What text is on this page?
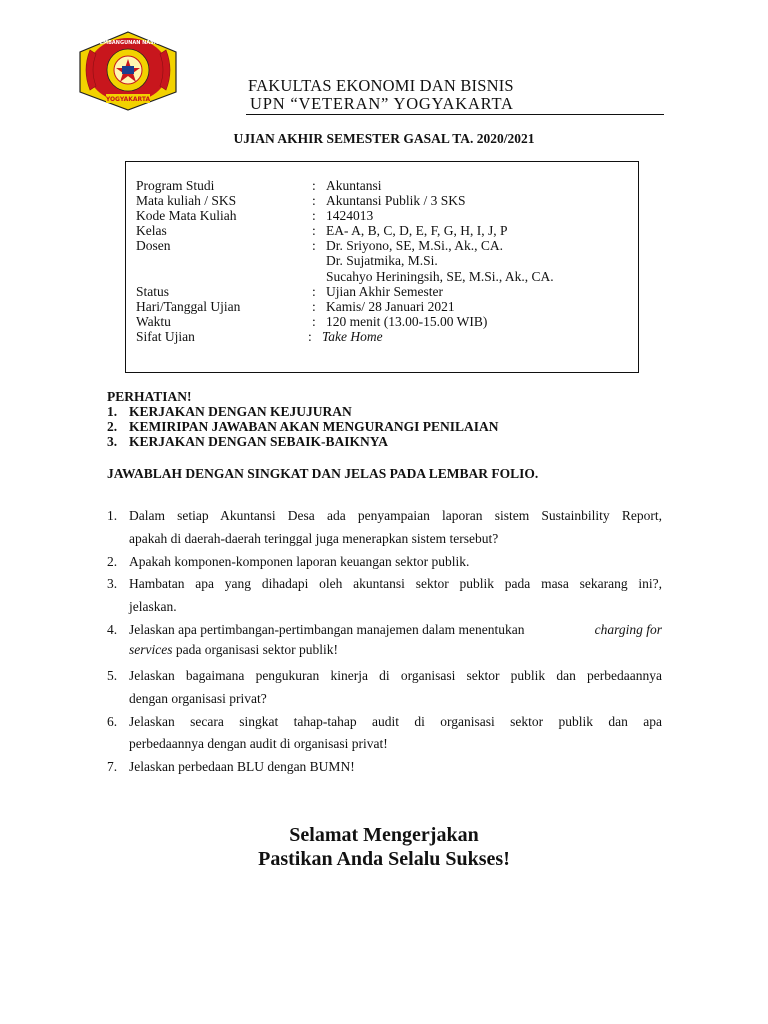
UNIVERSITAS PEMBANGUNAN NASIONAL VETERAN
YOGYAKARTA
FAKULTAS EKONOMI DAN BISNIS
UPN “VETERAN” YOGYAKARTA
UJIAN AKHIR SEMESTER GASAL TA. 2020/2021
Program Studi	: Akuntansi
Mata kuliah / SKS	: Akuntansi Publik / 3 SKS
Kode Mata Kuliah	: 1424013
Kelas	: EA- A, B, C, D, E, F, G, H, I, J, P
Dosen	: Dr. Sriyono, SE, M.Si., Ak., CA.
Dr. Sujatmika, M.Si.
Sucahyo Heriningsih, SE, M.Si., Ak., CA.
Status	: Ujian Akhir Semester
Hari/Tanggal Ujian	: Kamis/ 28 Januari 2021
Waktu	: 120 menit (13.00-15.00 WIB)
Sifat Ujian	: Take Home
PERHATIAN!
1. KERJAKAN DENGAN KEJUJURAN
2. KEMIRIPAN JAWABAN AKAN MENGURANGI PENILAIAN
3. KERJAKAN DENGAN SEBAIK-BAIKNYA
JAWABLAH DENGAN SINGKAT DAN JELAS PADA LEMBAR FOLIO.
1. Dalam setiap Akuntansi Desa ada penyampaian laporan sistem Sustainbility Report,
apakah di daerah-daerah teringgal juga menerapkan sistem tersebut?
2. Apakah komponen-komponen laporan keuangan sektor publik.
3. Hambatan apa yang dihadapi oleh akuntansi sektor publik pada masa sekarang ini?,
jelaskan.
4. Jelaskan apa pertimbangan-pertimbangan manajemen dalam menentukan	charging for
services pada organisasi sektor publik!
5. Jelaskan bagaimana pengukuran kinerja di organisasi sektor publik dan perbedaannya
dengan organisasi privat?
6. Jelaskan secara singkat tahap-tahap audit di organisasi sektor publik dan apa
perbedaannya dengan audit di organisasi privat!
7. Jelaskan perbedaan BLU dengan BUMN!
Selamat Mengerjakan
Pastikan Anda Selalu Sukses!
